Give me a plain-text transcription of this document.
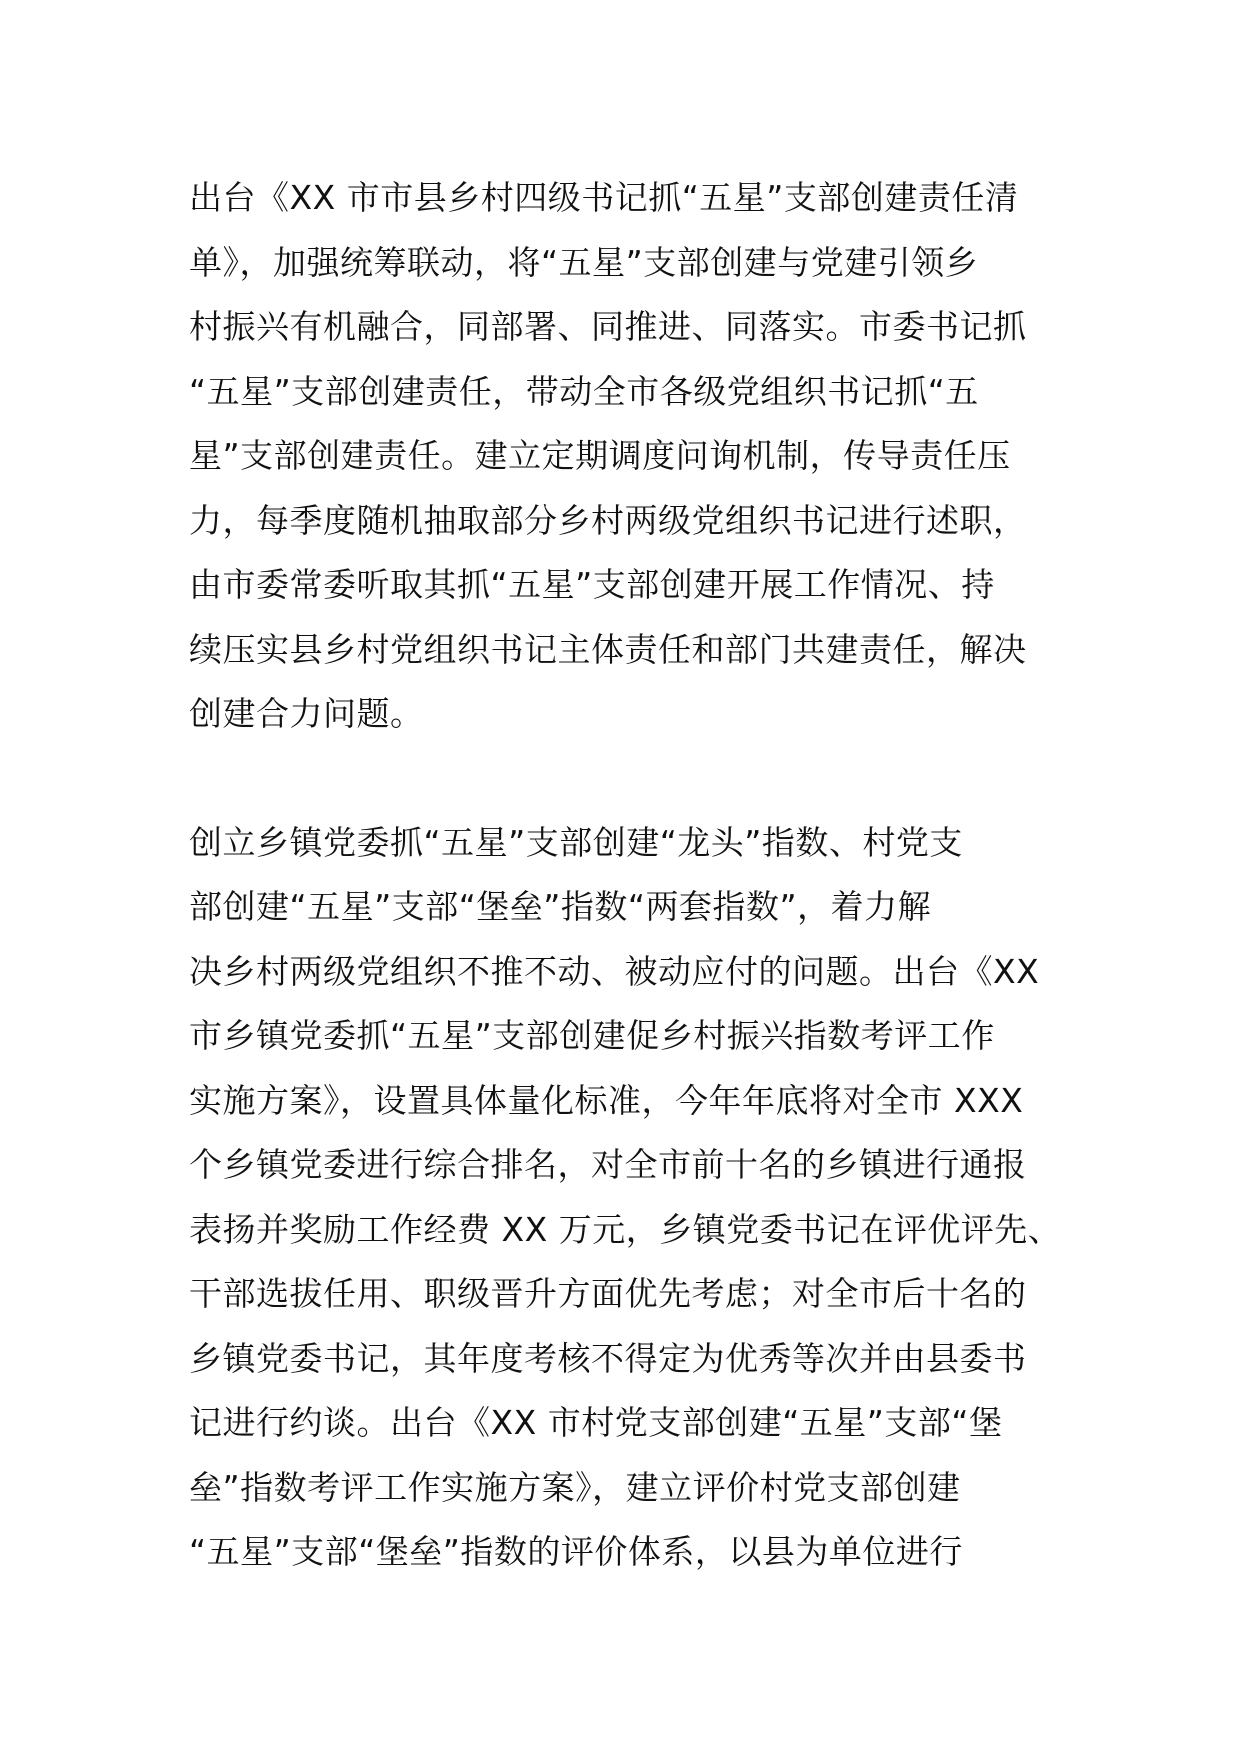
出台《XX 市市县乡村四级书记抓“五星”支部创建责任清
单》，加强统筹联动，将“五星”支部创建与党建引领乡
村振兴有机融合，同部署、同推进、同落实。市委书记抓
“五星”支部创建责任，带动全市各级党组织书记抓“五
星”支部创建责任。建立定期调度问询机制，传导责任压
力，每季度随机抽取部分乡村两级党组织书记进行述职，
由市委常委听取其抓“五星”支部创建开展工作情况、持
续压实县乡村党组织书记主体责任和部门共建责任，解决
创建合力问题。

创立乡镇党委抓“五星”支部创建“龙头”指数、村党支
部创建“五星”支部“堡垒”指数“两套指数”，着力解
决乡村两级党组织不推不动、被动应付的问题。出台《XX
市乡镇党委抓“五星”支部创建促乡村振兴指数考评工作
实施方案》，设置具体量化标准，今年年底将对全市 XXX
个乡镇党委进行综合排名，对全市前十名的乡镇进行通报
表扬并奖励工作经费 XX 万元，乡镇党委书记在评优评先、
干部选拔任用、职级晋升方面优先考虑；对全市后十名的
乡镇党委书记，其年度考核不得定为优秀等次并由县委书
记进行约谈。出台《XX 市村党支部创建“五星”支部“堡
垒”指数考评工作实施方案》，建立评价村党支部创建
“五星”支部“堡垒”指数的评价体系，以县为单位进行
